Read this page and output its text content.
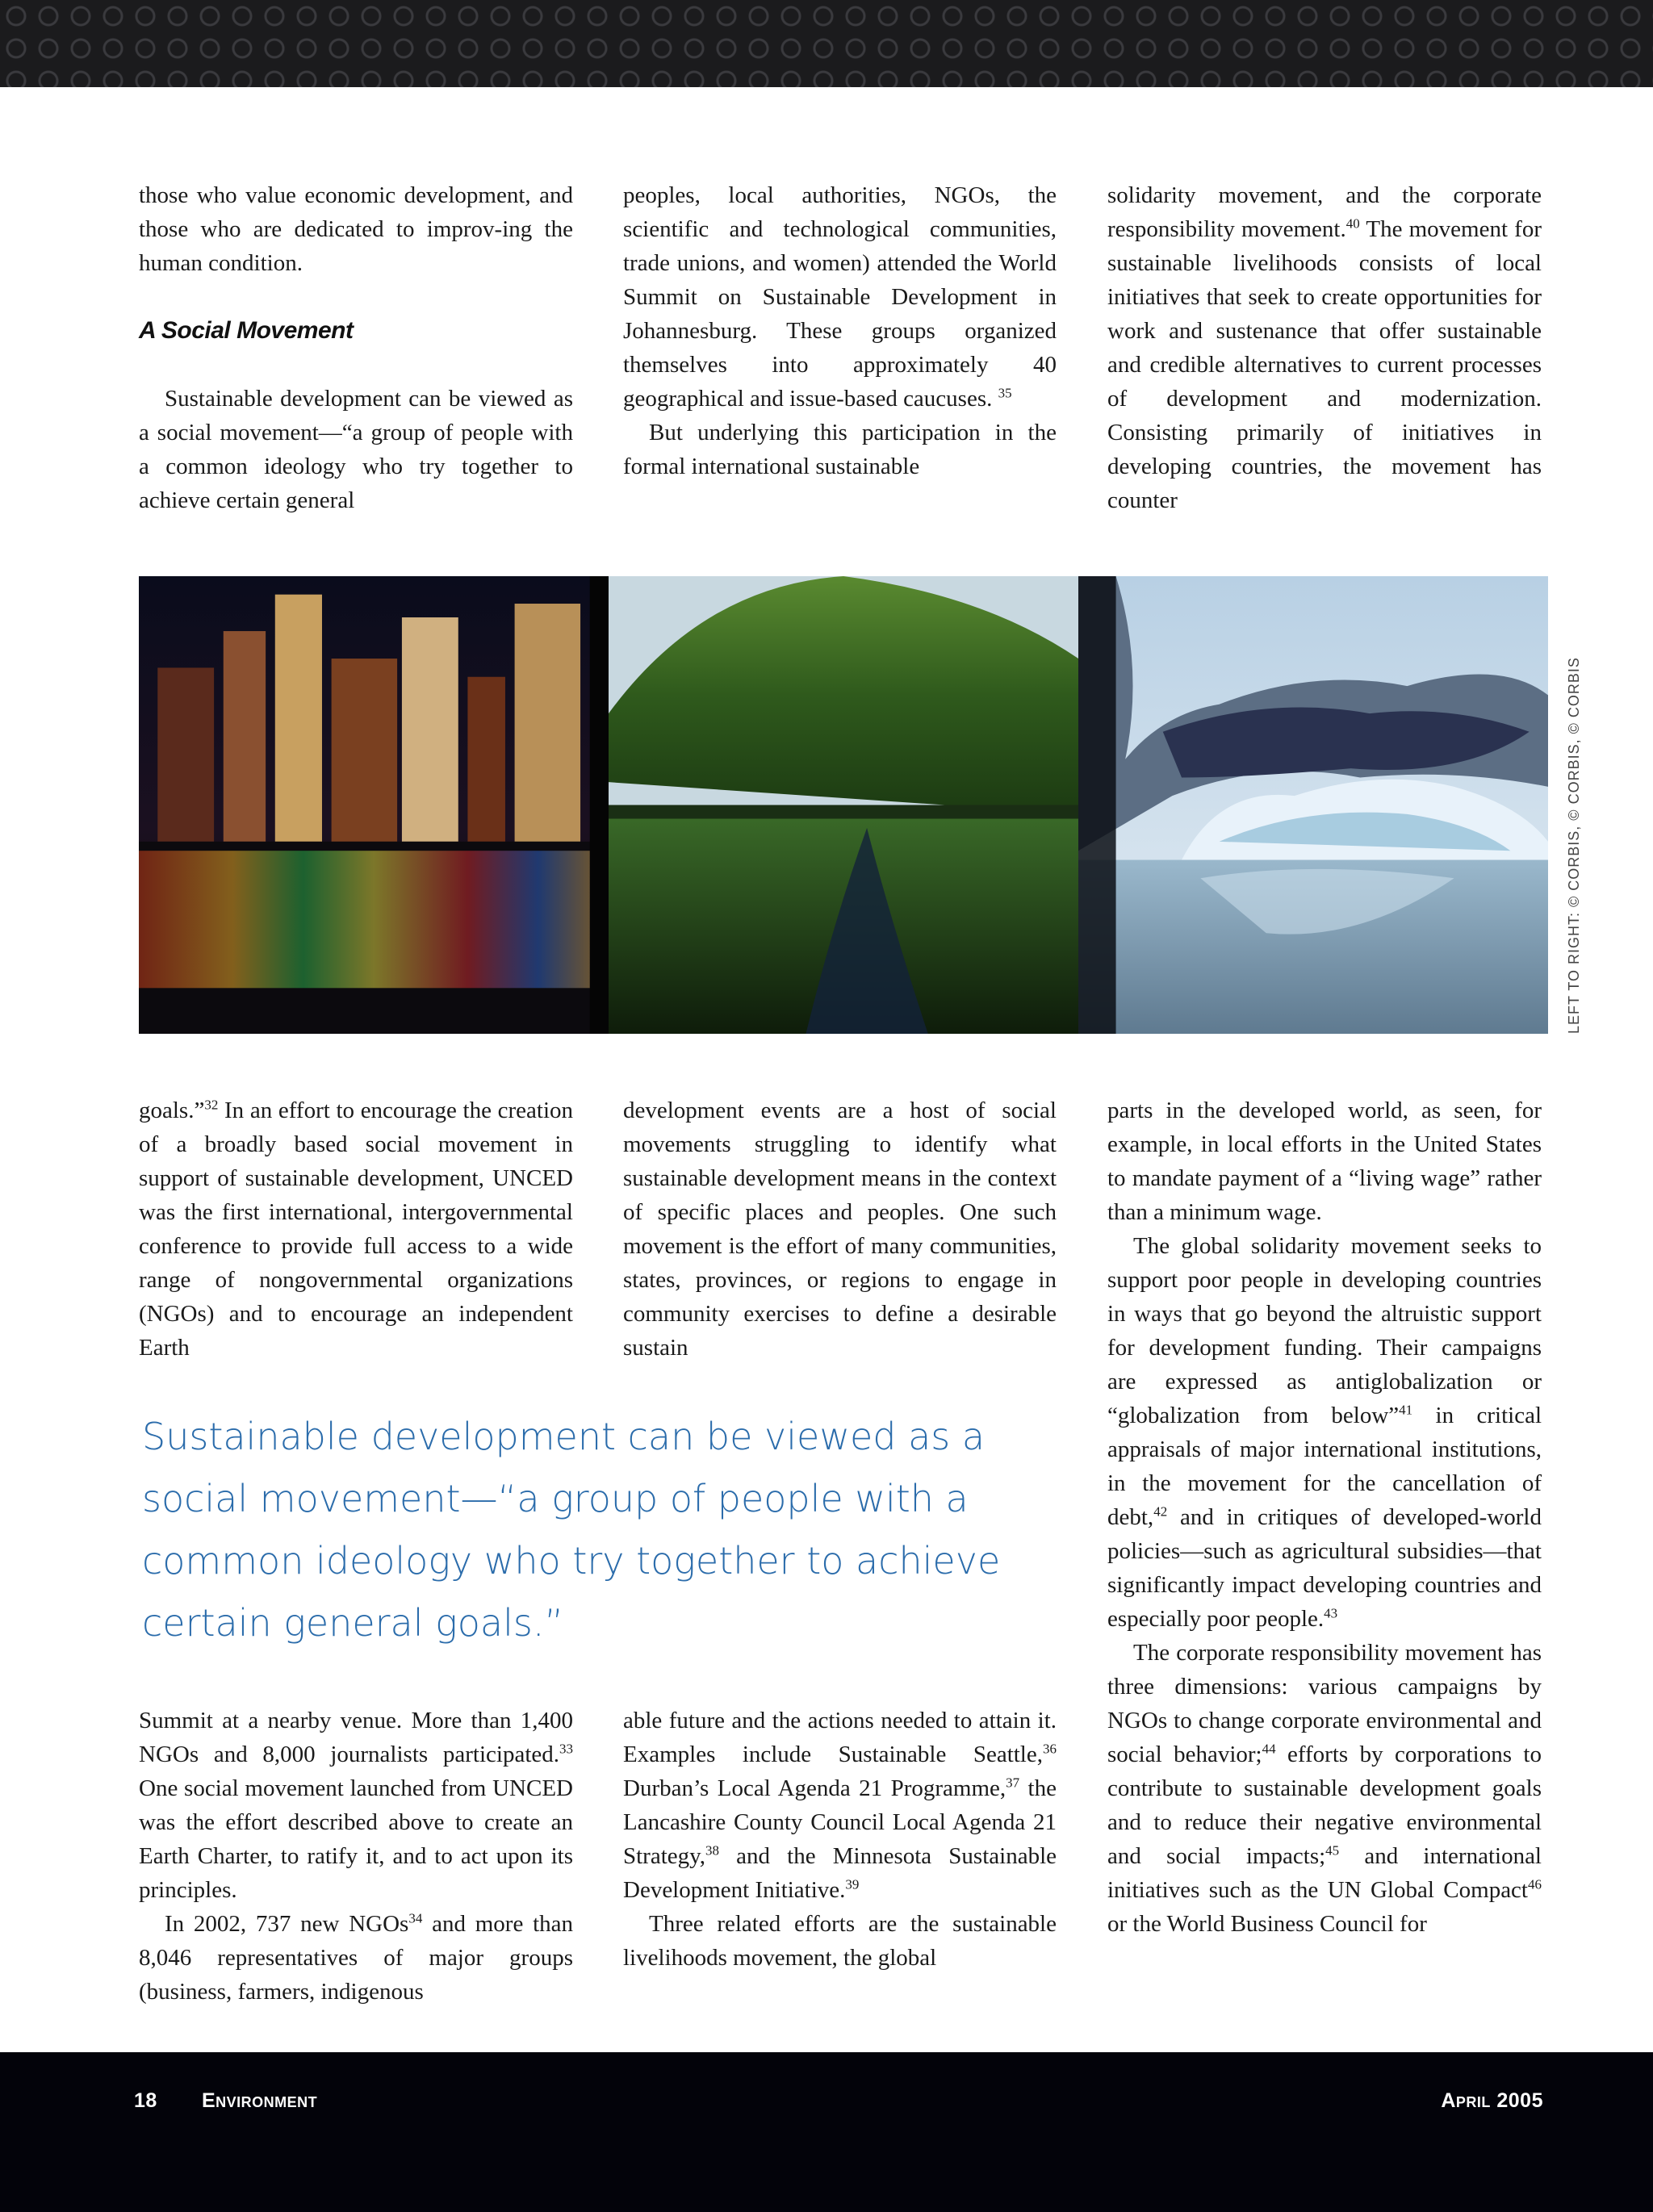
those who value economic development, and those who are dedicated to improv-ing the human condition.

A Social Movement

Sustainable development can be viewed as a social movement—“a group of people with a common ideology who try together to achieve certain general

peoples, local authorities, NGOs, the scientific and technological communities, trade unions, and women) attended the World Summit on Sustainable Development in Johannesburg. These groups organized themselves into approximately 40 geographical and issue-based caucuses. $^{35}$

But underlying this participation in the formal international sustainable

solidarity movement, and the corporate responsibility movement.$^{40}$ The movement for sustainable livelihoods consists of local initiatives that seek to create opportunities for work and sustenance that offer sustainable and credible alternatives to current processes of development and modernization. Consisting primarily of initiatives in developing countries, the movement has counter

LEFT TO RIGHT: © CORBIS, © CORBIS, © CORBIS

goals.”$^{32}$ In an effort to encourage the creation of a broadly based social movement in support of sustainable development, UNCED was the first international, intergovernmental conference to provide full access to a wide range of nongovernmental organizations (NGOs) and to encourage an independent Earth

development events are a host of social movements struggling to identify what sustainable development means in the context of specific places and peoples. One such movement is the effort of many communities, states, provinces, or regions to engage in community exercises to define a desirable sustain

parts in the developed world, as seen, for example, in local efforts in the United States to mandate payment of a “living wage” rather than a minimum wage.

The global solidarity movement seeks to support poor people in developing countries in ways that go beyond the altruistic support for development funding. Their campaigns are expressed as antiglobalization or “globalization from below”$^{41}$ in critical appraisals of major international institutions, in the movement for the cancellation of debt,$^{42}$ and in critiques of developed-world policies—such as agricultural subsidies—that significantly impact developing countries and especially poor people.$^{43}$

The corporate responsibility movement has three dimensions: various campaigns by NGOs to change corporate environmental and social behavior;$^{44}$ efforts by corporations to contribute to sustainable development goals and to reduce their negative environmental and social impacts;$^{45}$ and international initiatives such as the UN Global Compact$^{46}$ or the World Business Council for

Sustainable development can be viewed as a social movement—“a group of people with a common ideology who try together to achieve certain general goals.”

Summit at a nearby venue. More than 1,400 NGOs and 8,000 journalists participated.$^{33}$ One social movement launched from UNCED was the effort described above to create an Earth Charter, to ratify it, and to act upon its principles.

In 2002, 737 new NGOs$^{34}$ and more than 8,046 representatives of major groups (business, farmers, indigenous

able future and the actions needed to attain it. Examples include Sustainable Seattle,$^{36}$ Durban’s Local Agenda 21 Programme,$^{37}$ the Lancashire County Council Local Agenda 21 Strategy,$^{38}$ and the Minnesota Sustainable Development Initiative.$^{39}$

Three related efforts are the sustainable livelihoods movement, the global

18 Environment	April 2005
